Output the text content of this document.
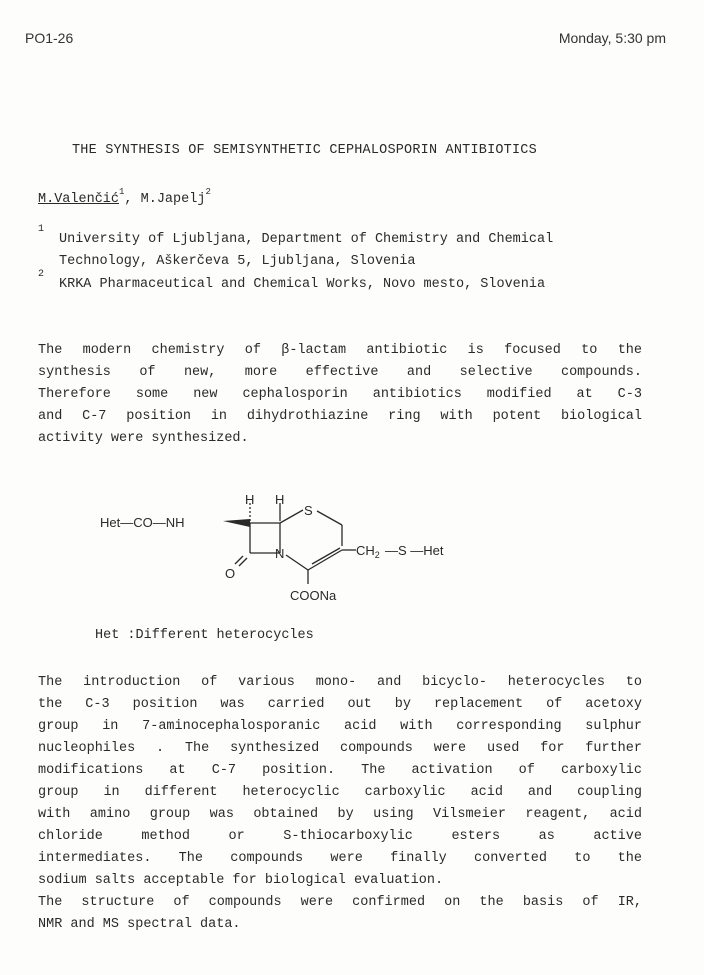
PO1-26	Monday, 5:30 pm
THE SYNTHESIS OF SEMISYNTHETIC CEPHALOSPORIN ANTIBIOTICS
M.Valenčić$^1$, M.Japelj$^2$
1
University of Ljubljana, Department of Chemistry and Chemical
Technology, Aškerčeva 5, Ljubljana, Slovenia
2
KRKA Pharmaceutical and Chemical Works, Novo mesto, Slovenia
The modern chemistry of β-lactam antibiotic is focused to the
synthesis of new, more effective and selective compounds.
Therefore some new cephalosporin antibiotics modified at C-3
and C-7 position in dihydrothiazine ring with potent biological
activity were synthesized.
Het—CO—NH
H H
S
N
O
$CH_2$ —S —Het
COONa
Het :Different heterocycles
The introduction of various mono- and bicyclo- heterocycles to
the C-3 position was carried out by replacement of acetoxy
group in 7-aminocephalosporanic acid with corresponding sulphur
nucleophiles . The synthesized compounds were used for further
modifications at C-7 position. The activation of carboxylic
group in different heterocyclic carboxylic acid and coupling
with amino group was obtained by using Vilsmeier reagent, acid
chloride method or S-thiocarboxylic esters as active
intermediates. The compounds were finally converted to the
sodium salts acceptable for biological evaluation.
The structure of compounds were confirmed on the basis of IR,
NMR and MS spectral data.
